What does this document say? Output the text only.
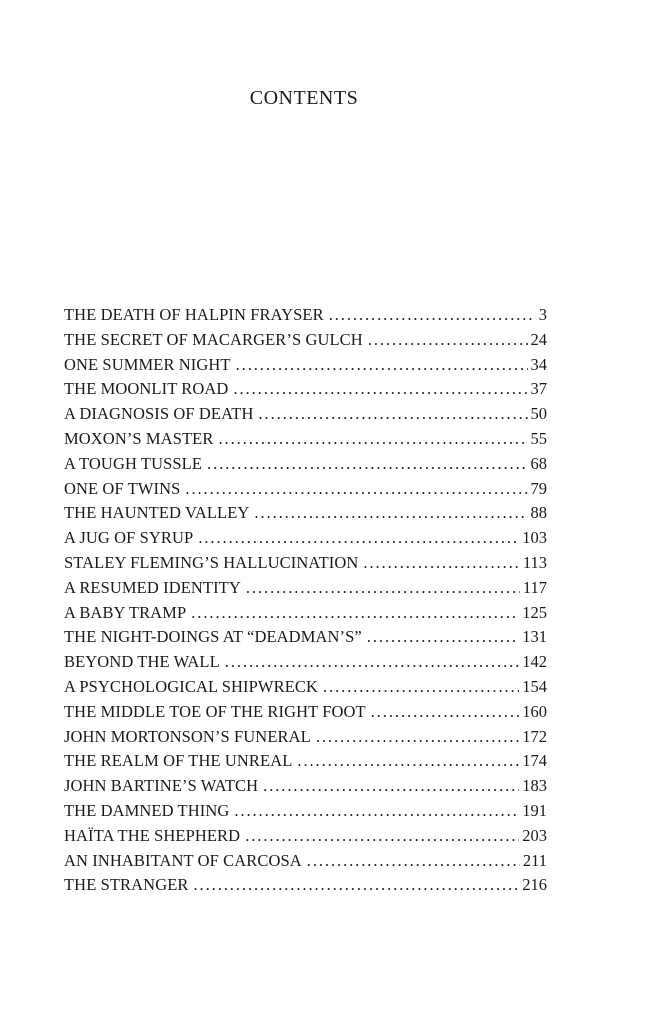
CONTENTS
THE DEATH OF HALPIN FRAYSER . . .	3
THE SECRET OF MACARGER’S GULCH . . .	24
ONE SUMMER NIGHT . . .	34
THE MOONLIT ROAD . . .	37
A DIAGNOSIS OF DEATH . . .	50
MOXON’S MASTER . . .	55
A TOUGH TUSSLE . . .	68
ONE OF TWINS . . .	79
THE HAUNTED VALLEY . . .	88
A JUG OF SYRUP . . .	103
STALEY FLEMING’S HALLUCINATION . . .	113
A RESUMED IDENTITY . . .	117
A BABY TRAMP . . .	125
THE NIGHT-DOINGS AT “DEADMAN’S” . . .	131
BEYOND THE WALL . . .	142
A PSYCHOLOGICAL SHIPWRECK . . .	154
THE MIDDLE TOE OF THE RIGHT FOOT . . .	160
JOHN MORTONSON’S FUNERAL . . .	172
THE REALM OF THE UNREAL . . .	174
JOHN BARTINE’S WATCH . . .	183
THE DAMNED THING . . .	191
HAÏTA THE SHEPHERD . . .	203
AN INHABITANT OF CARCOSA . . .	211
THE STRANGER . . .	216
